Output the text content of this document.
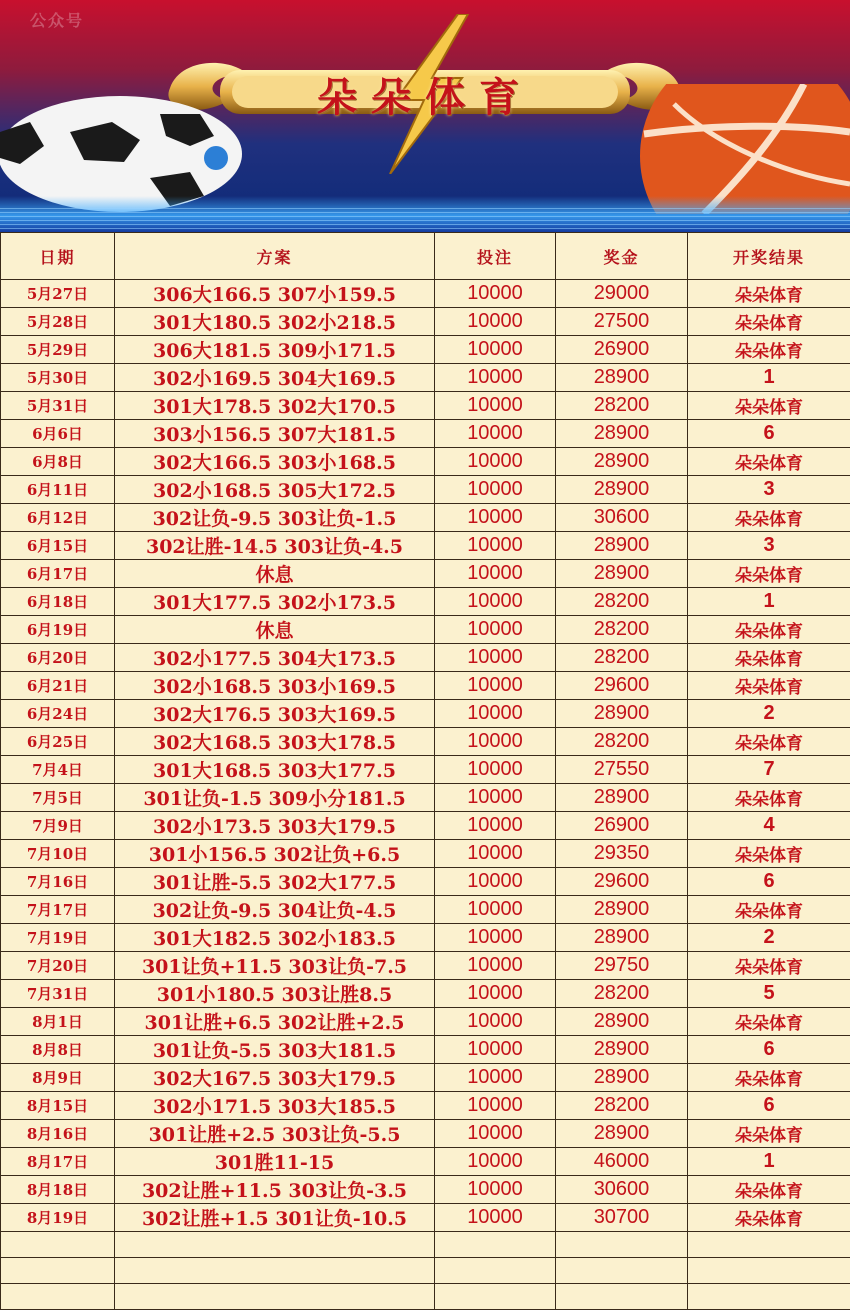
公众号
朵朵体育
日期	方案	投注	奖金	开奖结果
5月27日	306大166.5 307小159.5	10000	29000	朵朵体育
5月28日	301大180.5 302小218.5	10000	27500	朵朵体育
5月29日	306大181.5 309小171.5	10000	26900	朵朵体育
5月30日	302小169.5 304大169.5	10000	28900	1
5月31日	301大178.5 302大170.5	10000	28200	朵朵体育
6月6日	303小156.5 307大181.5	10000	28900	6
6月8日	302大166.5 303小168.5	10000	28900	朵朵体育
6月11日	302小168.5 305大172.5	10000	28900	3
6月12日	302让负-9.5 303让负-1.5	10000	30600	朵朵体育
6月15日	302让胜-14.5 303让负-4.5	10000	28900	3
6月17日	休息	10000	28900	朵朵体育
6月18日	301大177.5 302小173.5	10000	28200	1
6月19日	休息	10000	28200	朵朵体育
6月20日	302小177.5 304大173.5	10000	28200	朵朵体育
6月21日	302小168.5 303小169.5	10000	29600	朵朵体育
6月24日	302大176.5 303大169.5	10000	28900	2
6月25日	302大168.5 303大178.5	10000	28200	朵朵体育
7月4日	301大168.5 303大177.5	10000	27550	7
7月5日	301让负-1.5 309小分181.5	10000	28900	朵朵体育
7月9日	302小173.5 303大179.5	10000	26900	4
7月10日	301小156.5 302让负+6.5	10000	29350	朵朵体育
7月16日	301让胜-5.5 302大177.5	10000	29600	6
7月17日	302让负-9.5 304让负-4.5	10000	28900	朵朵体育
7月19日	301大182.5 302小183.5	10000	28900	2
7月20日	301让负+11.5 303让负-7.5	10000	29750	朵朵体育
7月31日	301小180.5 303让胜8.5	10000	28200	5
8月1日	301让胜+6.5 302让胜+2.5	10000	28900	朵朵体育
8月8日	301让负-5.5 303大181.5	10000	28900	6
8月9日	302大167.5 303大179.5	10000	28900	朵朵体育
8月15日	302小171.5 303大185.5	10000	28200	6
8月16日	301让胜+2.5 303让负-5.5	10000	28900	朵朵体育
8月17日	301胜11-15	10000	46000	1
8月18日	302让胜+11.5 303让负-3.5	10000	30600	朵朵体育
8月19日	302让胜+1.5 301让负-10.5	10000	30700	朵朵体育
